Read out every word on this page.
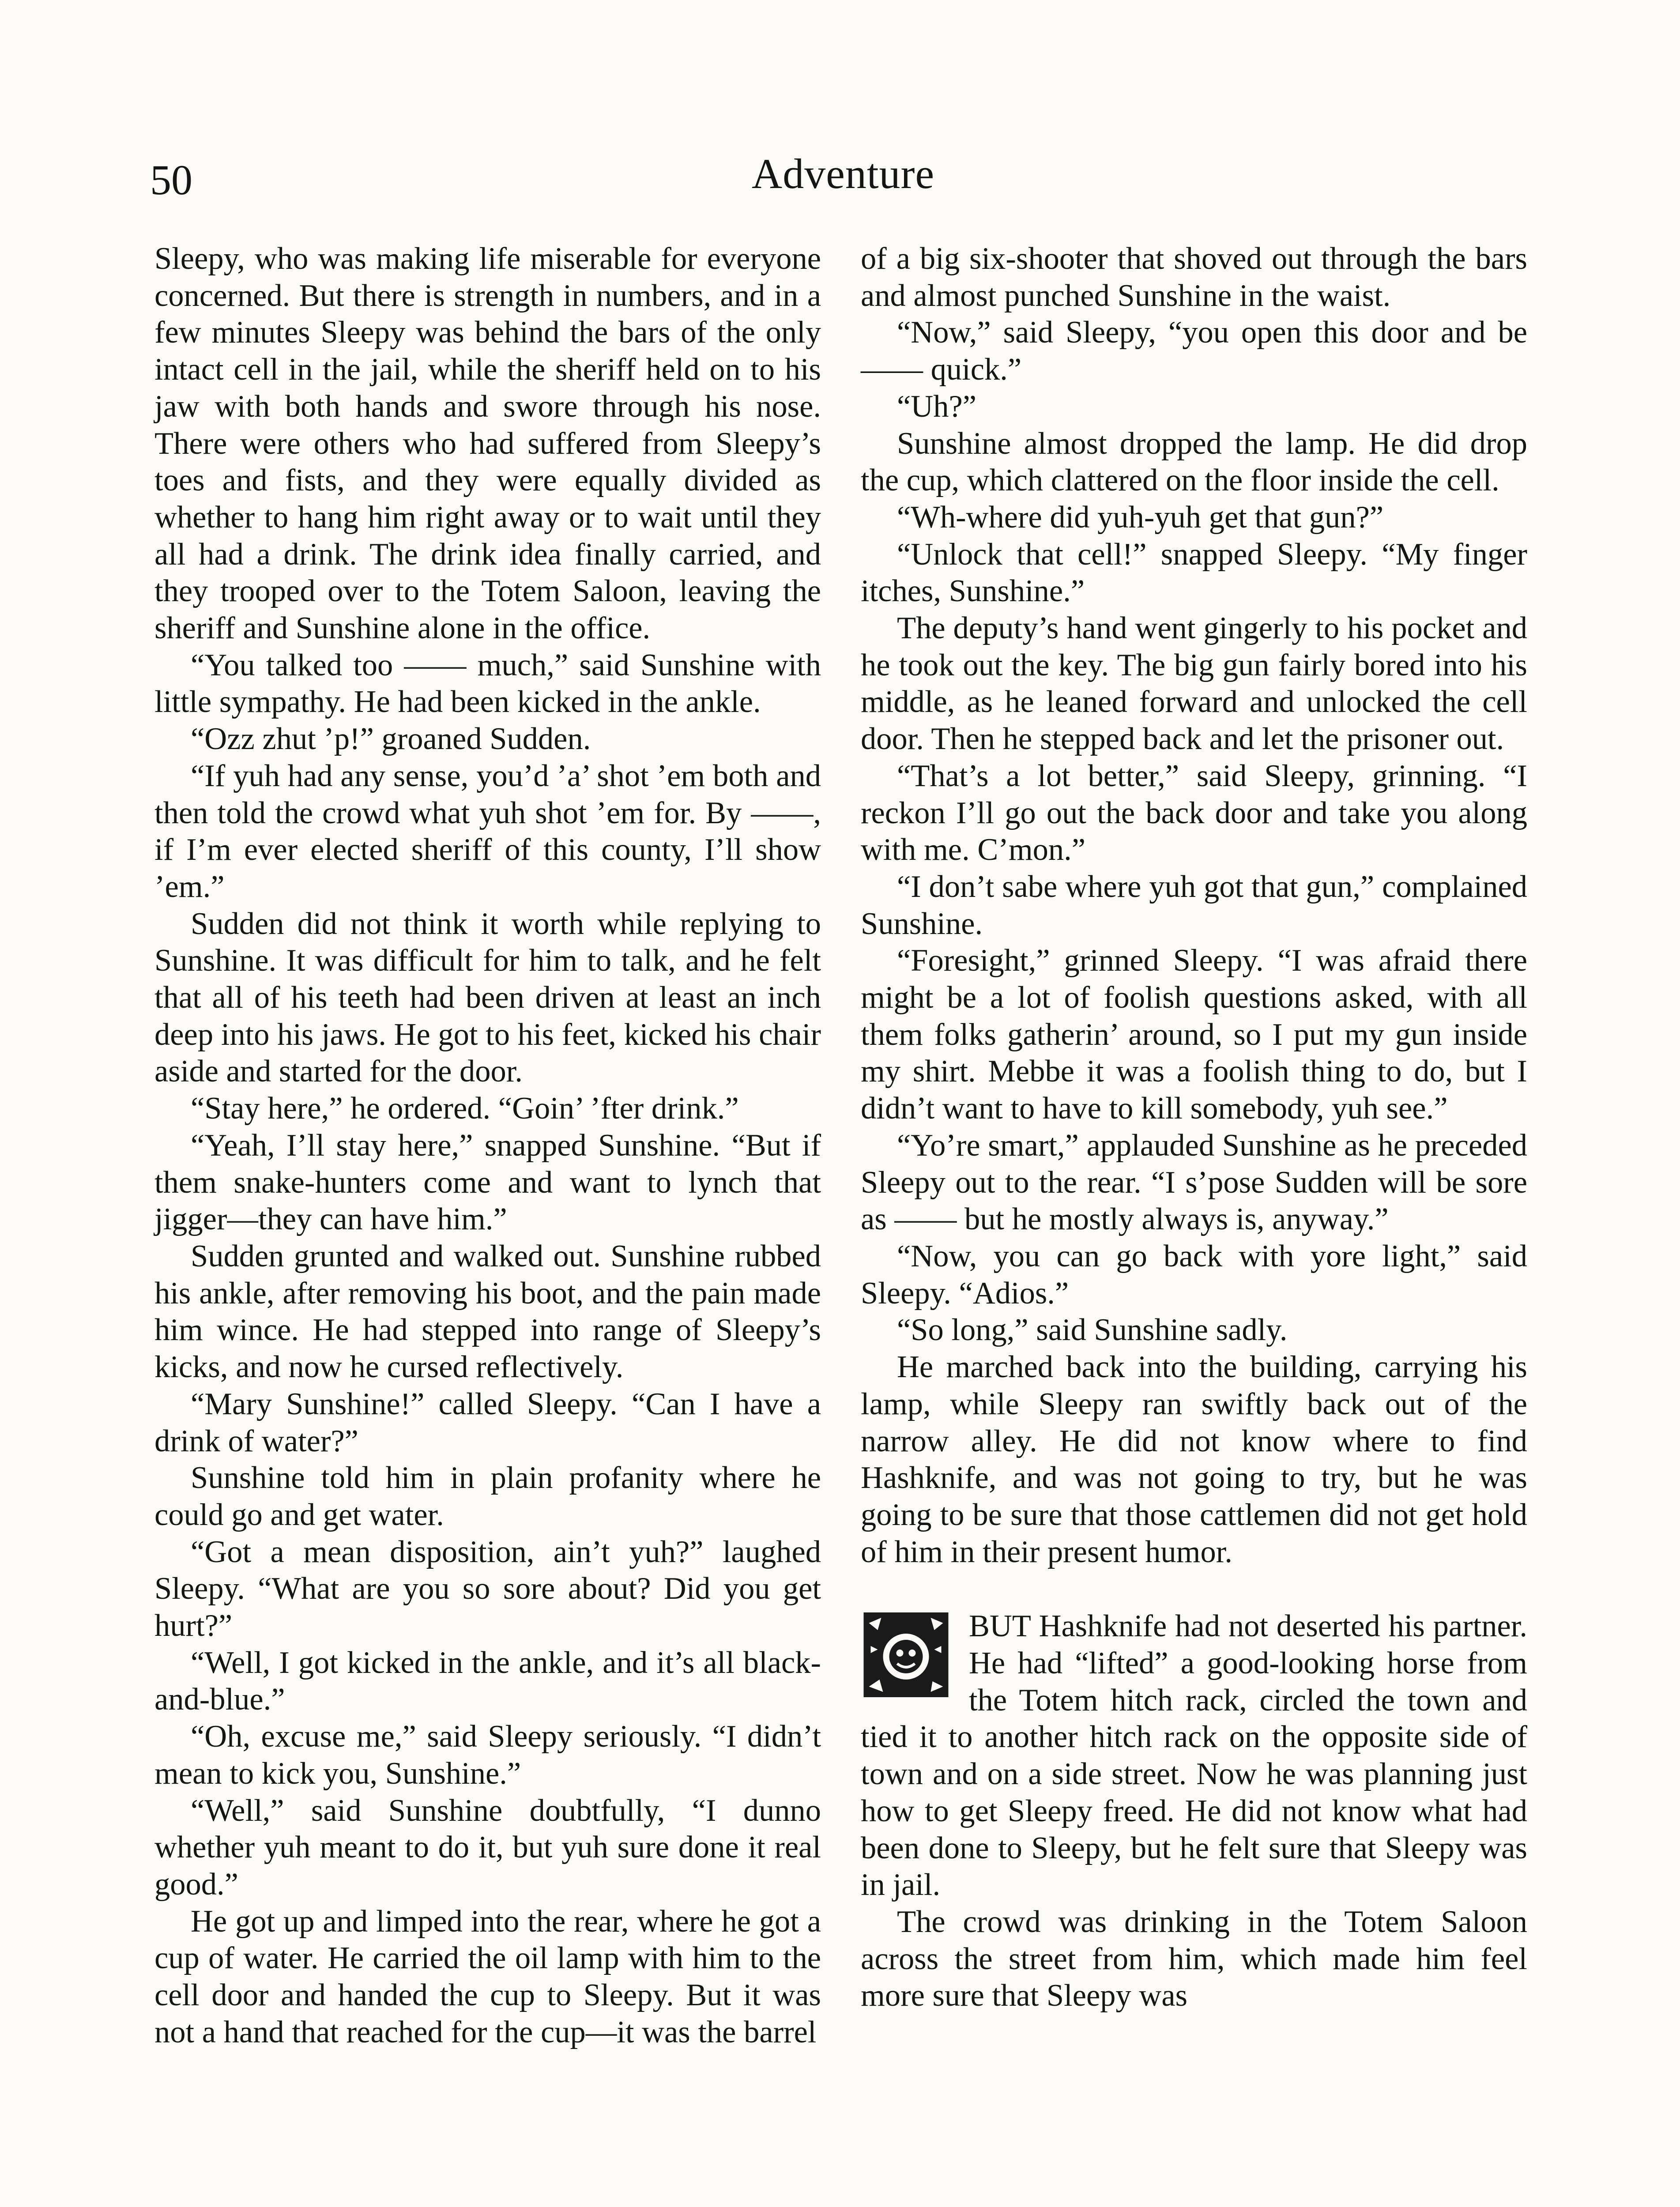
50	Adventure

Sleepy, who was making life miserable for everyone concerned. But there is strength in numbers, and in a few minutes Sleepy was behind the bars of the only intact cell in the jail, while the sheriff held on to his jaw with both hands and swore through his nose. There were others who had suffered from Sleepy’s toes and fists, and they were equally divided as whether to hang him right away or to wait until they all had a drink. The drink idea finally carried, and they trooped over to the Totem Saloon, leaving the sheriff and Sunshine alone in the office.

“You talked too —— much,” said Sunshine with little sympathy. He had been kicked in the ankle.

“Ozz zhut ’p!” groaned Sudden.

“If yuh had any sense, you’d ’a’ shot ’em both and then told the crowd what yuh shot ’em for. By ——, if I’m ever elected sheriff of this county, I’ll show ’em.”

Sudden did not think it worth while replying to Sunshine. It was difficult for him to talk, and he felt that all of his teeth had been driven at least an inch deep into his jaws. He got to his feet, kicked his chair aside and started for the door.

“Stay here,” he ordered. “Goin’ ’fter drink.”

“Yeah, I’ll stay here,” snapped Sunshine. “But if them snake-hunters come and want to lynch that jigger—they can have him.”

Sudden grunted and walked out. Sunshine rubbed his ankle, after removing his boot, and the pain made him wince. He had stepped into range of Sleepy’s kicks, and now he cursed reflectively.

“Mary Sunshine!” called Sleepy. “Can I have a drink of water?”

Sunshine told him in plain profanity where he could go and get water.

“Got a mean disposition, ain’t yuh?” laughed Sleepy. “What are you so sore about? Did you get hurt?”

“Well, I got kicked in the ankle, and it’s all black-and-blue.”

“Oh, excuse me,” said Sleepy seriously. “I didn’t mean to kick you, Sunshine.”

“Well,” said Sunshine doubtfully, “I dunno whether yuh meant to do it, but yuh sure done it real good.”

He got up and limped into the rear, where he got a cup of water. He carried the oil lamp with him to the cell door and handed the cup to Sleepy. But it was not a hand that reached for the cup—it was the barrel

of a big six-shooter that shoved out through the bars and almost punched Sunshine in the waist.

“Now,” said Sleepy, “you open this door and be —— quick.”

“Uh?”

Sunshine almost dropped the lamp. He did drop the cup, which clattered on the floor inside the cell.

“Wh-where did yuh-yuh get that gun?”

“Unlock that cell!” snapped Sleepy. “My finger itches, Sunshine.”

The deputy’s hand went gingerly to his pocket and he took out the key. The big gun fairly bored into his middle, as he leaned forward and unlocked the cell door. Then he stepped back and let the prisoner out.

“That’s a lot better,” said Sleepy, grinning. “I reckon I’ll go out the back door and take you along with me. C’mon.”

“I don’t sabe where yuh got that gun,” complained Sunshine.

“Foresight,” grinned Sleepy. “I was afraid there might be a lot of foolish questions asked, with all them folks gatherin’ around, so I put my gun inside my shirt. Mebbe it was a foolish thing to do, but I didn’t want to have to kill somebody, yuh see.”

“Yo’re smart,” applauded Sunshine as he preceded Sleepy out to the rear. “I s’pose Sudden will be sore as —— but he mostly always is, anyway.”

“Now, you can go back with yore light,” said Sleepy. “Adios.”

“So long,” said Sunshine sadly.

He marched back into the building, carrying his lamp, while Sleepy ran swiftly back out of the narrow alley. He did not know where to find Hashknife, and was not going to try, but he was going to be sure that those cattlemen did not get hold of him in their present humor.

BUT Hashknife had not deserted his partner. He had “lifted” a good-looking horse from the Totem hitch rack, circled the town and tied it to another hitch rack on the opposite side of town and on a side street. Now he was planning just how to get Sleepy freed. He did not know what had been done to Sleepy, but he felt sure that Sleepy was in jail.

The crowd was drinking in the Totem Saloon across the street from him, which made him feel more sure that Sleepy was
